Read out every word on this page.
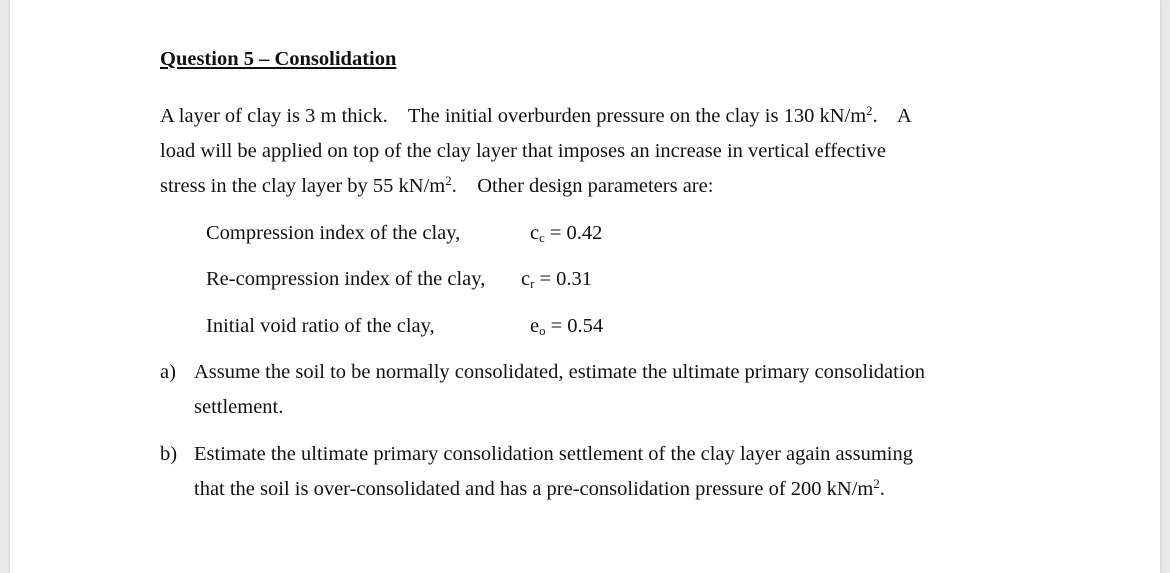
Question 5 – Consolidation
A layer of clay is 3 m thick.    The initial overburden pressure on the clay is 130 $kN/m^2$.    A
load will be applied on top of the clay layer that imposes an increase in vertical effective
stress in the clay layer by 55 $kN/m^2$.    Other design parameters are:
Compression index of the clay,	$c_c = 0.42$
Re-compression index of the clay, $c_r = 0.31$
Initial void ratio of the clay,	$e_o = 0.54$
a) Assume the soil to be normally consolidated, estimate the ultimate primary consolidation
settlement.
b) Estimate the ultimate primary consolidation settlement of the clay layer again assuming
that the soil is over-consolidated and has a pre-consolidation pressure of 200 $kN/m^2$.
